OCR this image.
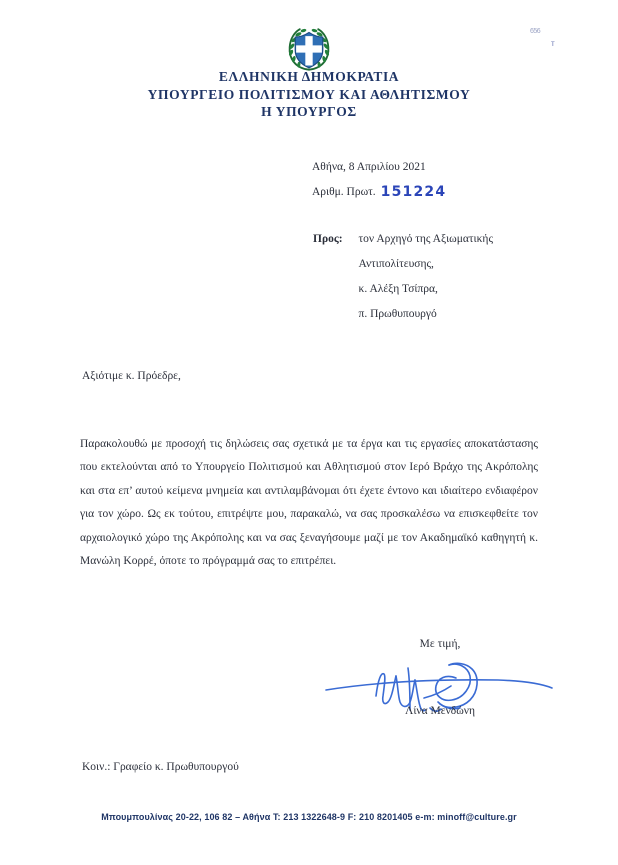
656
ᴛ
ΕΛΛΗΝΙΚΗ ΔΗΜΟΚΡΑΤΙΑ
ΥΠΟΥΡΓΕΙΟ ΠΟΛΙΤΙΣΜΟΥ ΚΑΙ ΑΘΛΗΤΙΣΜΟΥ
Η ΥΠΟΥΡΓΟΣ
Αθήνα, 8 Απριλίου 2021
Αριθμ. Πρωτ. 151224
Προς: τον Αρχηγό της Αξιωματικής
Αντιπολίτευσης,
κ. Αλέξη Τσίπρα,
π. Πρωθυπουργό
Αξιότιμε κ. Πρόεδρε,

Παρακολουθώ με προσοχή τις δηλώσεις σας σχετικά με τα έργα και τις εργασίες αποκατάστασης που εκτελούνται από το Υπουργείο Πολιτισμού και Αθλητισμού στον Ιερό Βράχο της Ακρόπολης και στα επ’ αυτού κείμενα μνημεία και αντιλαμβάνομαι ότι έχετε έντονο και ιδιαίτερο ενδιαφέρον για τον χώρο. Ως εκ τούτου, επιτρέψτε μου, παρακαλώ, να σας προσκαλέσω να επισκεφθείτε τον αρχαιολογικό χώρο της Ακρόπολης και να σας ξεναγήσουμε μαζί με τον Ακαδημαϊκό καθηγητή κ. Μανώλη Κορρέ, όποτε το πρόγραμμά σας το επιτρέπει.

Με τιμή,
Λίνα Μενδώνη
Κοιν.: Γραφείο κ. Πρωθυπουργού
Μπουμπουλίνας 20-22, 106 82 – Αθήνα Τ: 213 1322648-9 F: 210 8201405 e-m: minoff@culture.gr
